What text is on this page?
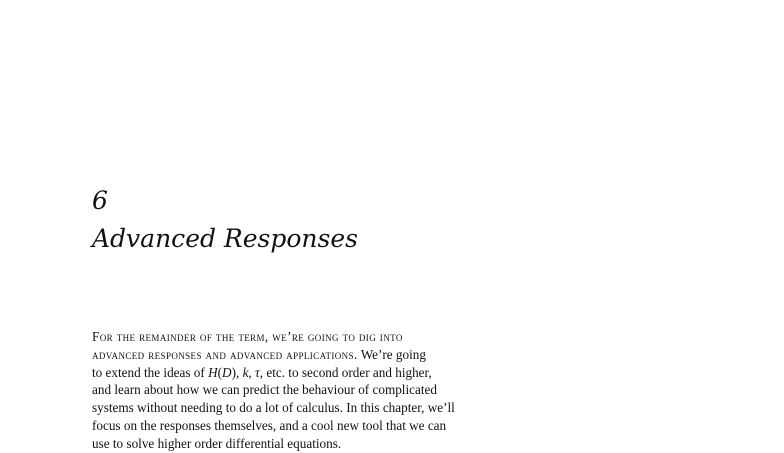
6
Advanced Responses
For the remainder of the term, we’re going to dig into
advanced responses and advanced applications. We’re going
to extend the ideas of H(D), k, τ, etc. to second order and higher,
and learn about how we can predict the behaviour of complicated
systems without needing to do a lot of calculus. In this chapter, we’ll
focus on the responses themselves, and a cool new tool that we can
use to solve higher order differential equations.
